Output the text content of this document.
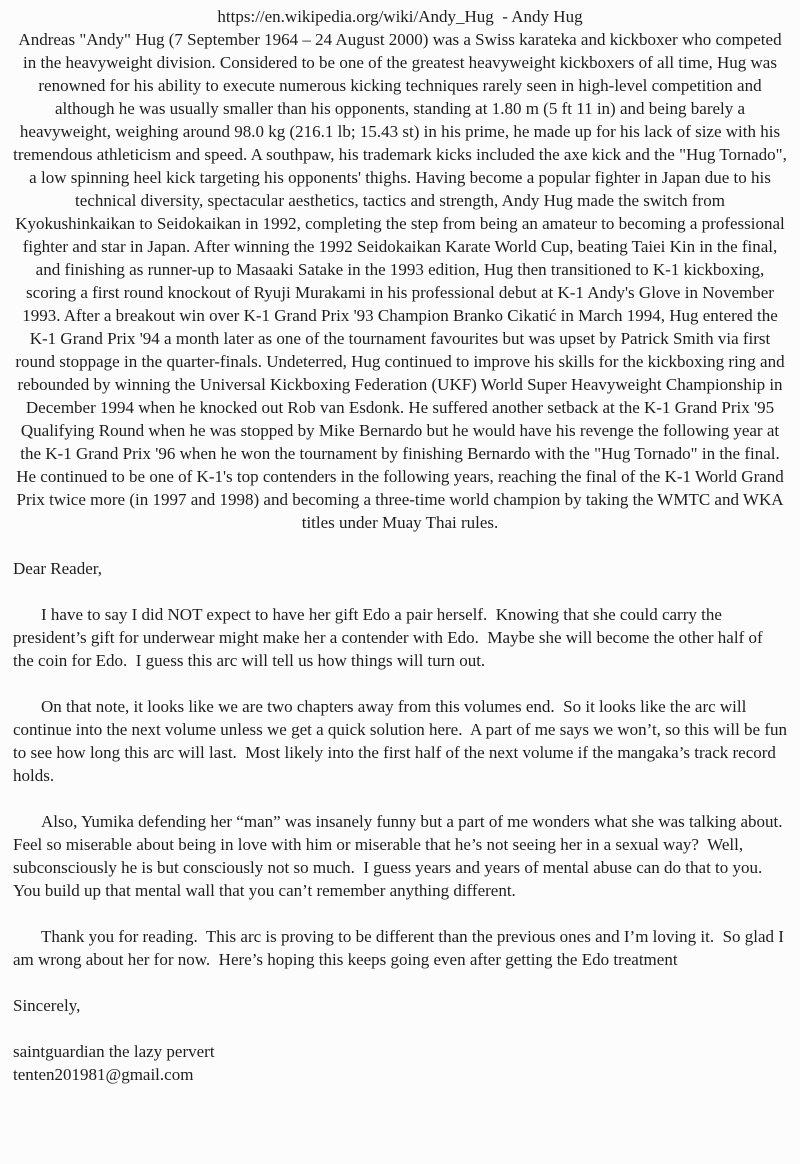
https://en.wikipedia.org/wiki/Andy_Hug  - Andy Hug

Andreas "Andy" Hug (7 September 1964 – 24 August 2000) was a Swiss karateka and kickboxer who competed in the heavyweight division. Considered to be one of the greatest heavyweight kickboxers of all time, Hug was renowned for his ability to execute numerous kicking techniques rarely seen in high-level competition and although he was usually smaller than his opponents, standing at 1.80 m (5 ft 11 in) and being barely a heavyweight, weighing around 98.0 kg (216.1 lb; 15.43 st) in his prime, he made up for his lack of size with his tremendous athleticism and speed. A southpaw, his trademark kicks included the axe kick and the "Hug Tornado", a low spinning heel kick targeting his opponents' thighs. Having become a popular fighter in Japan due to his technical diversity, spectacular aesthetics, tactics and strength, Andy Hug made the switch from Kyokushinkaikan to Seidokaikan in 1992, completing the step from being an amateur to becoming a professional fighter and star in Japan. After winning the 1992 Seidokaikan Karate World Cup, beating Taiei Kin in the final, and finishing as runner-up to Masaaki Satake in the 1993 edition, Hug then transitioned to K-1 kickboxing, scoring a first round knockout of Ryuji Murakami in his professional debut at K-1 Andy's Glove in November 1993. After a breakout win over K-1 Grand Prix '93 Champion Branko Cikatić in March 1994, Hug entered the K-1 Grand Prix '94 a month later as one of the tournament favourites but was upset by Patrick Smith via first round stoppage in the quarter-finals. Undeterred, Hug continued to improve his skills for the kickboxing ring and rebounded by winning the Universal Kickboxing Federation (UKF) World Super Heavyweight Championship in December 1994 when he knocked out Rob van Esdonk. He suffered another setback at the K-1 Grand Prix '95 Qualifying Round when he was stopped by Mike Bernardo but he would have his revenge the following year at the K-1 Grand Prix '96 when he won the tournament by finishing Bernardo with the "Hug Tornado" in the final. He continued to be one of K-1's top contenders in the following years, reaching the final of the K-1 World Grand Prix twice more (in 1997 and 1998) and becoming a three-time world champion by taking the WMTC and WKA titles under Muay Thai rules.

Dear Reader,

I have to say I did NOT expect to have her gift Edo a pair herself.  Knowing that she could carry the president’s gift for underwear might make her a contender with Edo.  Maybe she will become the other half of the coin for Edo.  I guess this arc will tell us how things will turn out.

On that note, it looks like we are two chapters away from this volumes end.  So it looks like the arc will continue into the next volume unless we get a quick solution here.  A part of me says we won’t, so this will be fun to see how long this arc will last.  Most likely into the first half of the next volume if the mangaka’s track record holds.

Also, Yumika defending her “man” was insanely funny but a part of me wonders what she was talking about.  Feel so miserable about being in love with him or miserable that he’s not seeing her in a sexual way?  Well, subconsciously he is but consciously not so much.  I guess years and years of mental abuse can do that to you.  You build up that mental wall that you can’t remember anything different.

Thank you for reading.  This arc is proving to be different than the previous ones and I’m loving it.  So glad I am wrong about her for now.  Here’s hoping this keeps going even after getting the Edo treatment

Sincerely,

saintguardian the lazy pervert

tenten201981@gmail.com
